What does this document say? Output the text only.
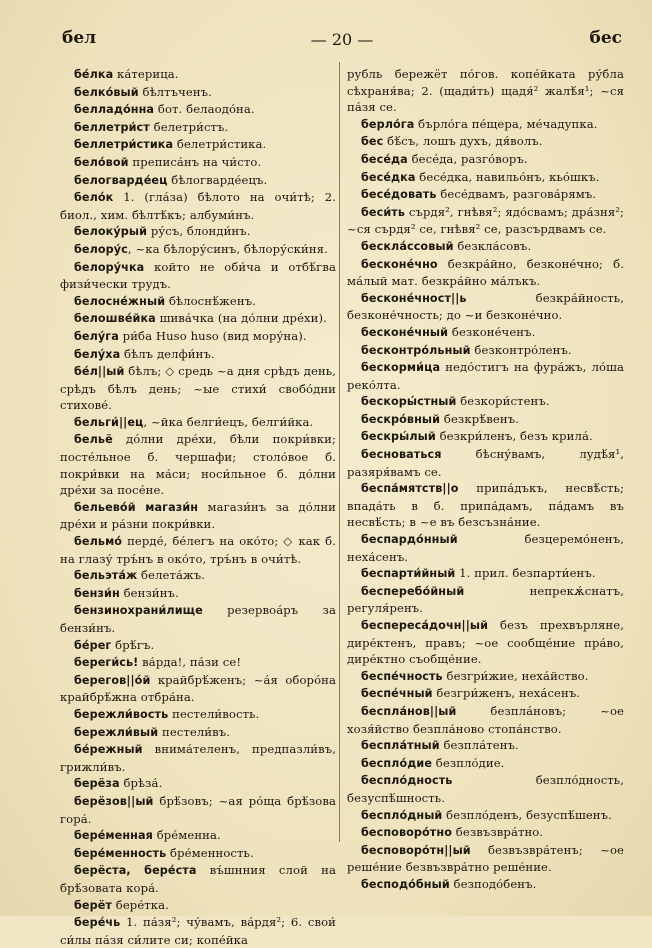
бел	— 20 —	бес

бе́лка ка́терица.

белко́вый бѣлтъченъ.

белладо́нна бот. белаодо́на.

беллетри́ст белетри́стъ.

беллетри́стика белетри́стика.

бело́вой преписа́нъ на чи́сто.

белогварде́ец бѣлогварде́ецъ.

бело́к 1. (гла́за) бѣлото на очи́тѣ; 2. биол., хим. бѣлтѣ́къ; албуми́нъ.

белоку́рый ру́съ, блонди́нъ.

белору́с, ~ка бѣлору́синъ, бѣлору́ски́ня.

белору́чка който не оби́ча и отбѣ́гва физи́чески трудъ.

белосне́жный бѣлоснѣ́женъ.

белошве́йка шива́чка (на до́лни дре́хи).

белу́га ри́ба Huso huso (вид мору́на).

белу́ха бѣлъ делфи́нъ.

бе́л||ый бѣлъ; ◇ средь ~а дня срѣдъ день, срѣдъ бѣлъ день; ~ые стихи́ свобо́дни стихове́.

бельги́||ец, ~йка белги́ецъ, белги́йка.

бельё до́лни дре́хи, бѣли покри́вки; посте́льное б. чершафи; столо́вое б. покри́вки на ма́си; носи́льное б. до́лни дре́хи за посе́не.

бельево́й магази́н магази́нъ за до́лни дре́хи и ра́зни покри́вки.

бельмо́ перде́, бе́легъ на око́то; ◇ как б. на глазу́ тръ́нъ в око́то, тръ́нъ в очи́тѣ.

бельэта́ж белета́жъ.

бензи́н бензи́нъ.

бензинохрани́лище резервоа́ръ за бензи́нъ.

бе́рег брѣ́гъ.

береги́сь! ва́рда!, па́зи се!

берегов||о́й крайбрѣ́женъ; ~а́я оборо́на крайбрѣ́жна отбра́на.

бережли́вость пестели́вость.

бережли́вый пестели́въ.

бе́режный внима́теленъ, предпазли́въ, грижли́въ.

берёза брѣза́.

берёзов||ый брѣ́зовъ; ~ая ро́ща брѣ́зова гора́.

бере́менная бре́менна.

бере́менность бре́менность.

берёста, бере́ста въ́шнния слой на брѣ́зовата кора́.

берёт бере́тка.

бере́чь 1. па́зя²; чу́вамъ, ва́рдя²; 6. свои́ си́лы па́зя си́лите си; копе́йка

рубль бережёт по́гов. копе́йката ру́бла сѣхраня́ва; 2. (щади́ть) щадя́² жалѣ́я¹; ~ся па́зя се.

берло́га бърло́га пе́щера, ме́чадупка.

бес бѣ́съ, лошъ духъ, дя́волъ.

бесе́да бесе́да, разго́воръ.

бесе́дка бесе́дка, навильо́нъ, кьо́шкъ.

бесе́довать бесе́двамъ, разгова́рямъ.

беси́ть сърдя², гнѣвя²; ядо́свамъ; дра́зня²; ~ся сърдя² се, гнѣвя² се, разсърдвамъ се.

бескла́ссовый безкла́совъ.

бесконе́чно безкра́йно, безконе́чно; б. ма́лый мат. безкра́йно ма́лъкъ.

бесконе́чност||ь безкра́йность, безконе́чность; до ~и безконе́чно.

бесконе́чный безконе́ченъ.

бесконтро́льный безконтро́ленъ.

бескорми́ца недо́стигъ на фура́жъ, ло́ша реко́лта.

бескоры́стный безкори́стенъ.

бескро́вный безкрѣ́венъ.

бескры́лый безкри́ленъ, безъ крила́.

бесноваться бѣсну́вамъ, лудѣ́я¹, разяря́вамъ се.

беспа́мятств||о припа́дъкъ, несвѣ́сть; впада́ть в б. припа́дамъ, па́дамъ въ несвѣ́сть; в ~е въ безсъзна́ние.

беспардо́нный безцеремо́ненъ, неха́сенъ.

беспарти́йный 1. прил. безпарти́енъ.

бесперебо́йный непрекѫ́снатъ, регуля́ренъ.

беспереса́дочн||ый безъ прехвърляне, дире́ктенъ, правъ; ~ое сообще́ние пра́во, дире́ктно съобще́ние.

беспе́чность безгри́жие, неха́йство.

беспе́чный безгри́женъ, неха́сенъ.

беспла́нов||ый безпла́новъ; ~ое хозя́йство безпла́ново стопа́нство.

беспла́тный безпла́тенъ.

беспло́дие безпло́дие.

беспло́дность безпло́дность, безуспѣ́шность.

беспло́дный безпло́денъ, безуспѣ́шенъ.

бесповоро́тно безвъзвра́тно.

бесповоро́тн||ый безвъзвра́тенъ; ~ое реше́ние безвъзвра́тно реше́ние.

бесподо́бный безподо́бенъ.
